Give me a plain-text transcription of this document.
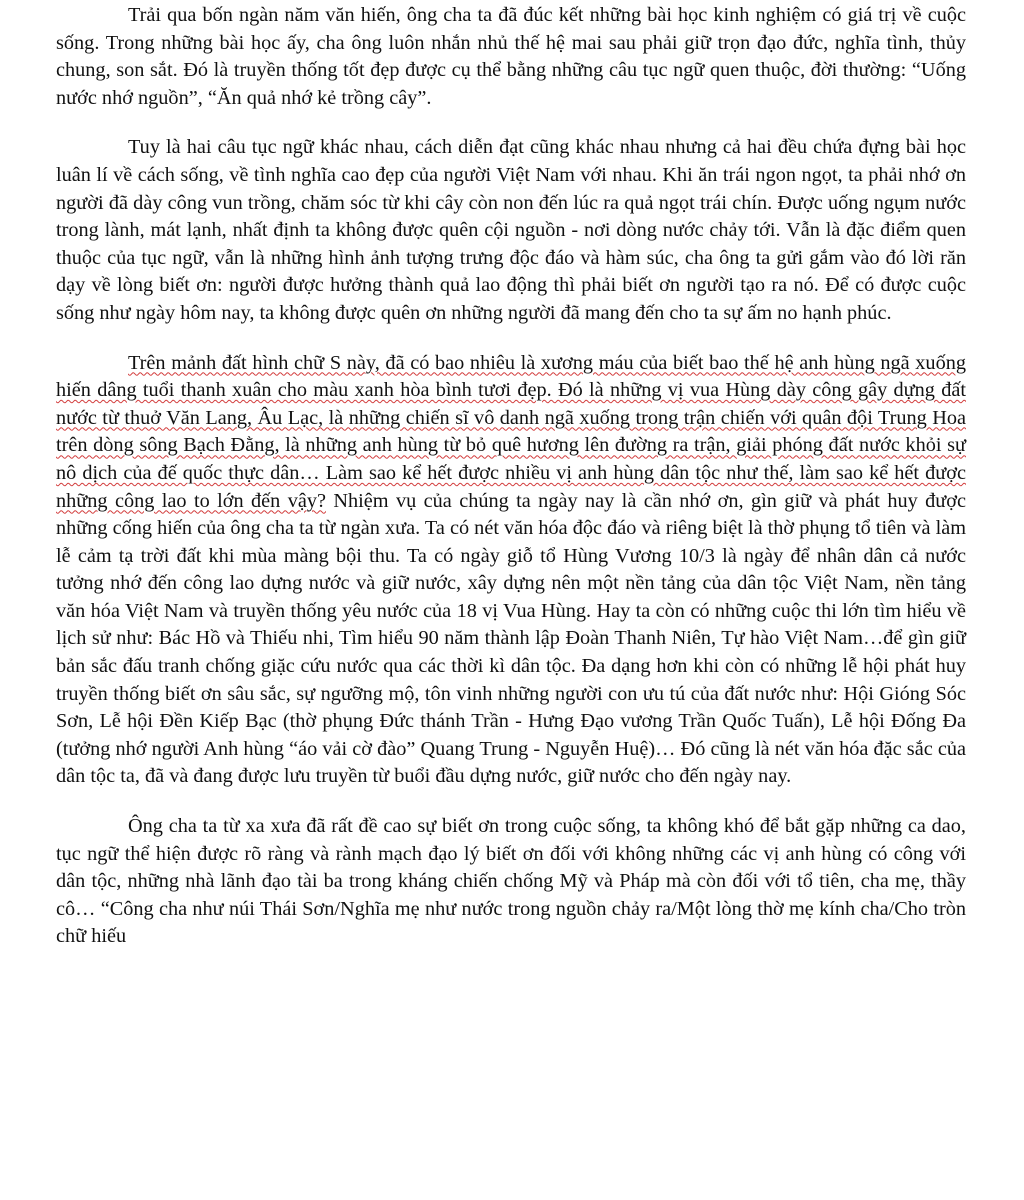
Trải qua bốn ngàn năm văn hiến, ông cha ta đã đúc kết những bài học kinh nghiệm có giá trị về cuộc sống. Trong những bài học ấy, cha ông luôn nhắn nhủ thế hệ mai sau phải giữ trọn đạo đức, nghĩa tình, thủy chung, son sắt. Đó là truyền thống tốt đẹp được cụ thể bằng những câu tục ngữ quen thuộc, đời thường: “Uống nước nhớ nguồn”, “Ăn quả nhớ kẻ trồng cây”.

Tuy là hai câu tục ngữ khác nhau, cách diễn đạt cũng khác nhau nhưng cả hai đều chứa đựng bài học luân lí về cách sống, về tình nghĩa cao đẹp của người Việt Nam với nhau. Khi ăn trái ngon ngọt, ta phải nhớ ơn người đã dày công vun trồng, chăm sóc từ khi cây còn non đến lúc ra quả ngọt trái chín. Được uống ngụm nước trong lành, mát lạnh, nhất định ta không được quên cội nguồn - nơi dòng nước chảy tới. Vẫn là đặc điểm quen thuộc của tục ngữ, vẫn là những hình ảnh tượng trưng độc đáo và hàm súc, cha ông ta gửi gắm vào đó lời răn dạy về lòng biết ơn: người được hưởng thành quả lao động thì phải biết ơn người tạo ra nó. Để có được cuộc sống như ngày hôm nay, ta không được quên ơn những người đã mang đến cho ta sự ấm no hạnh phúc.

Trên mảnh đất hình chữ S này, đã có bao nhiêu là xương máu của biết bao thế hệ anh hùng ngã xuống hiến dâng tuổi thanh xuân cho màu xanh hòa bình tươi đẹp. Đó là những vị vua Hùng dày công gây dựng đất nước từ thuở Văn Lang, Âu Lạc, là những chiến sĩ vô danh ngã xuống trong trận chiến với quân đội Trung Hoa trên dòng sông Bạch Đằng, là những anh hùng từ bỏ quê hương lên đường ra trận, giải phóng đất nước khỏi sự nô dịch của đế quốc thực dân… Làm sao kể hết được nhiều vị anh hùng dân tộc như thế, làm sao kể hết được những công lao to lớn đến vậy? Nhiệm vụ của chúng ta ngày nay là cần nhớ ơn, gìn giữ và phát huy được những cống hiến của ông cha ta từ ngàn xưa. Ta có nét văn hóa độc đáo và riêng biệt là thờ phụng tổ tiên và làm lễ cảm tạ trời đất khi mùa màng bội thu. Ta có ngày giỗ tổ Hùng Vương 10/3 là ngày để nhân dân cả nước tưởng nhớ đến công lao dựng nước và giữ nước, xây dựng nên một nền tảng của dân tộc Việt Nam, nền tảng văn hóa Việt Nam và truyền thống yêu nước của 18 vị Vua Hùng. Hay ta còn có những cuộc thi lớn tìm hiểu về lịch sử như: Bác Hồ và Thiếu nhi, Tìm hiểu 90 năm thành lập Đoàn Thanh Niên, Tự hào Việt Nam…để gìn giữ bản sắc đấu tranh chống giặc cứu nước qua các thời kì dân tộc. Đa dạng hơn khi còn có những lễ hội phát huy truyền thống biết ơn sâu sắc, sự ngưỡng mộ, tôn vinh những người con ưu tú của đất nước như: Hội Gióng Sóc Sơn, Lễ hội Đền Kiếp Bạc (thờ phụng Đức thánh Trần - Hưng Đạo vương Trần Quốc Tuấn), Lễ hội Đống Đa (tưởng nhớ người Anh hùng “áo vải cờ đào” Quang Trung - Nguyễn Huệ)… Đó cũng là nét văn hóa đặc sắc của dân tộc ta, đã và đang được lưu truyền từ buổi đầu dựng nước, giữ nước cho đến ngày nay.

Ông cha ta từ xa xưa đã rất đề cao sự biết ơn trong cuộc sống, ta không khó để bắt gặp những ca dao, tục ngữ thể hiện được rõ ràng và rành mạch đạo lý biết ơn đối với không những các vị anh hùng có công với dân tộc, những nhà lãnh đạo tài ba trong kháng chiến chống Mỹ và Pháp mà còn đối với tổ tiên, cha mẹ, thầy cô… “Công cha như núi Thái Sơn/Nghĩa mẹ như nước trong nguồn chảy ra/Một lòng thờ mẹ kính cha/Cho tròn chữ hiếu
